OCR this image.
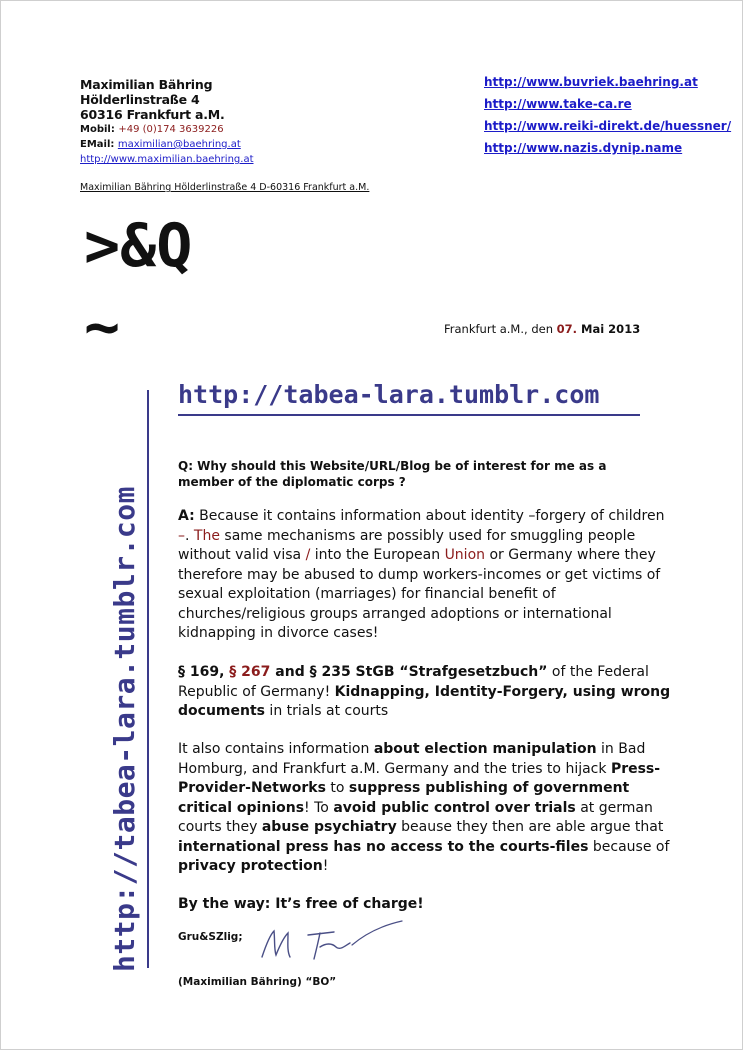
Maximilian Bähring
Hölderlinstraße 4
60316 Frankfurt a.M.
Mobil: +49 (0)174 3639226
EMail: maximilian@baehring.at
http://www.maximilian.baehring.at
http://www.buvriek.baehring.at
http://www.take-ca.re
http://www.reiki-direkt.de/huessner/
http://www.nazis.dynip.name
Maximilian Bähring Hölderlinstraße 4 D-60316 Frankfurt a.M.
>&Q
~	Frankfurt a.M., den 07. Mai 2013
http://tabea-lara.tumblr.com
http://tabea-lara.tumblr.com
Q: Why should this Website/URL/Blog be of interest for me as a member of the diplomatic corps ?
A: Because it contains information about identity –forgery of children –. The same mechanisms are possibly used for smuggling people without valid visa / into the European Union or Germany where they therefore may be abused to dump workers-incomes or get victims of sexual exploitation (marriages) for financial benefit of churches/religious groups arranged adoptions or international kidnapping in divorce cases!
§ 169, § 267 and § 235 StGB “Strafgesetzbuch” of the Federal Republic of Germany! Kidnapping, Identity-Forgery, using wrong documents in trials at courts
It also contains information about election manipulation in Bad Homburg, and Frankfurt a.M. Germany and the tries to hijack Press-Provider-Networks to suppress publishing of government critical opinions! To avoid public control over trials at german courts they abuse psychiatry beause they then are able argue that international press has no access to the courts-files because of privacy protection!
By the way: It’s free of charge!
Gru&SZlig;
(Maximilian Bähring) “BO”
